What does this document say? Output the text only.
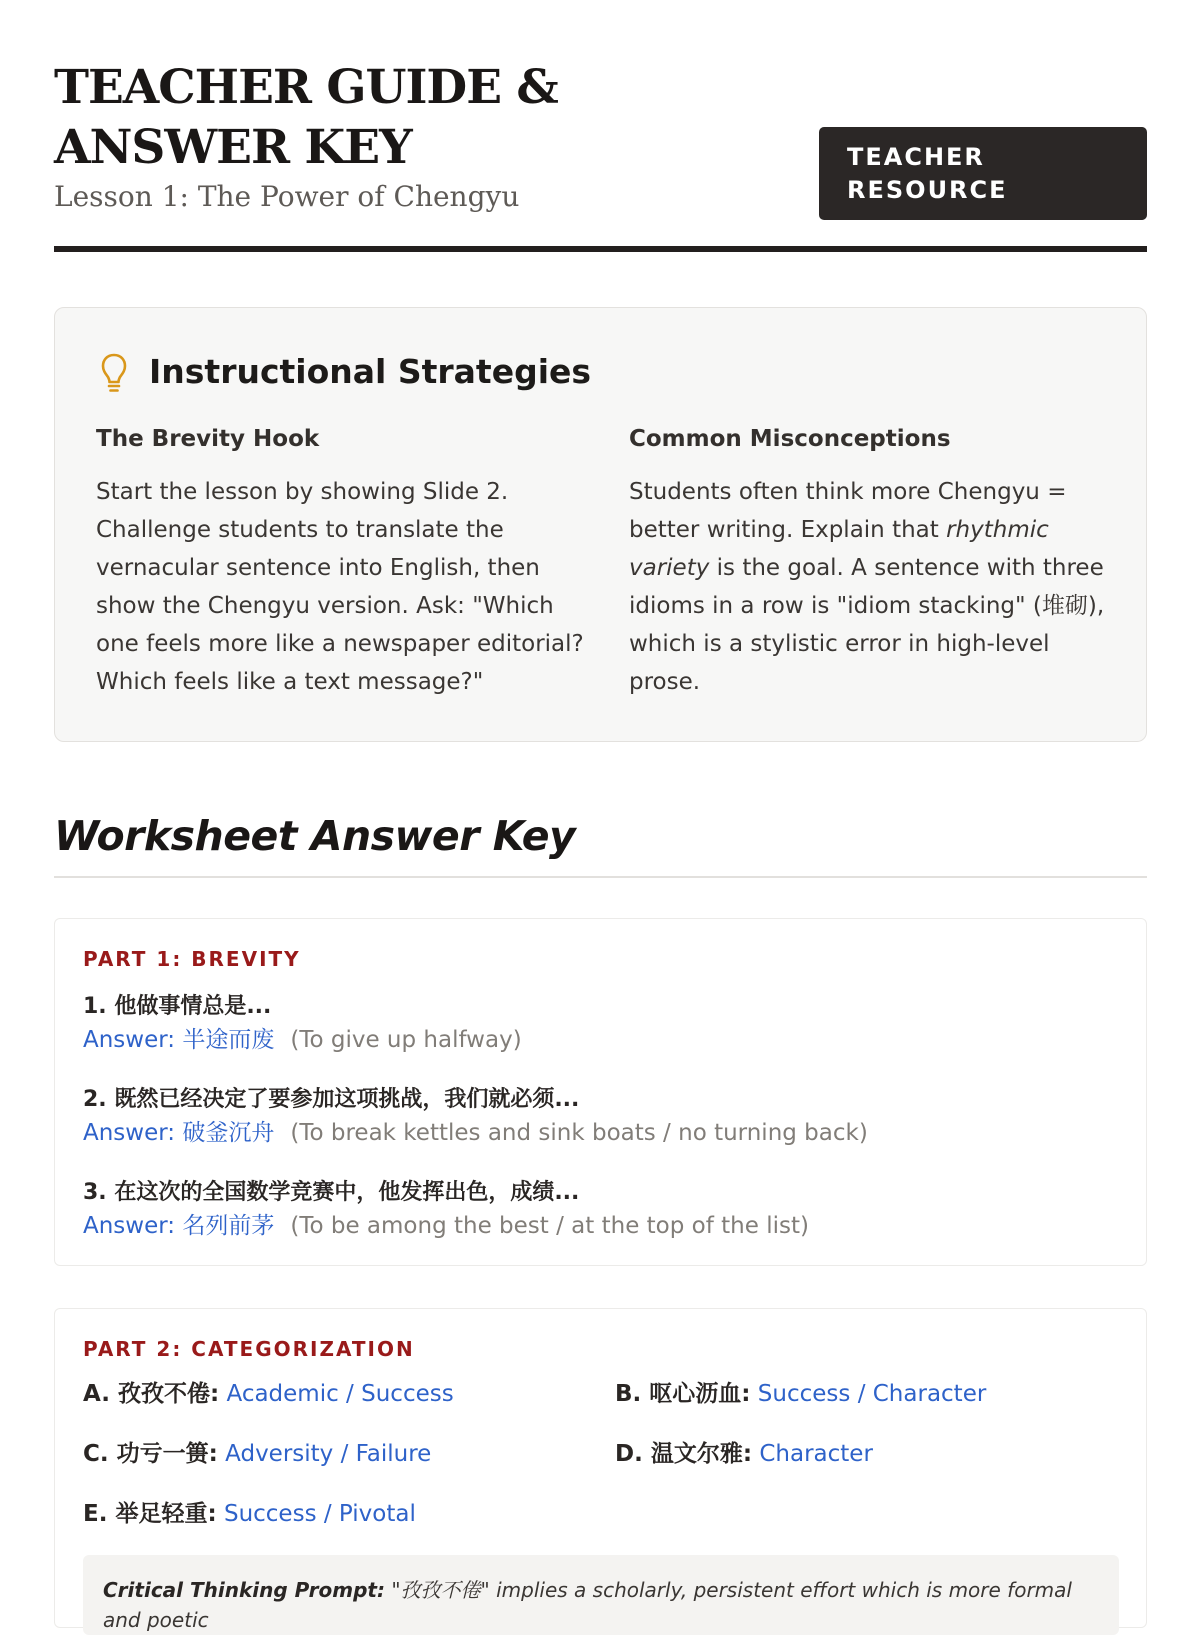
TEACHER GUIDE & ANSWER KEY

Lesson 1: The Power of Chengyu

TEACHER RESOURCE
Instructional Strategies
The Brevity Hook

Start the lesson by showing Slide 2. Challenge students to translate the vernacular sentence into English, then show the Chengyu version. Ask: "Which one feels more like a newspaper editorial? Which feels like a text message?"

Common Misconceptions

Students often think more Chengyu = better writing. Explain that rhythmic variety is the goal. A sentence with three idioms in a row is "idiom stacking" (堆砌), which is a stylistic error in high-level prose.

Worksheet Answer Key

PART 1: BREVITY

1. 他做事情总是...
Answer: 半途而废 (To give up halfway)
2. 既然已经决定了要参加这项挑战，我们就必须...
Answer: 破釜沉舟 (To break kettles and sink boats / no turning back)
3. 在这次的全国数学竞赛中，他发挥出色，成绩...
Answer: 名列前茅 (To be among the best / at the top of the list)

PART 2: CATEGORIZATION

A. 孜孜不倦: Academic / Success	B. 呕心沥血: Success / Character
C. 功亏一篑: Adversity / Failure	D. 温文尔雅: Character
E. 举足轻重: Success / Pivotal
Critical Thinking Prompt: "孜孜不倦" implies a scholarly, persistent effort which is more formal and poetic
